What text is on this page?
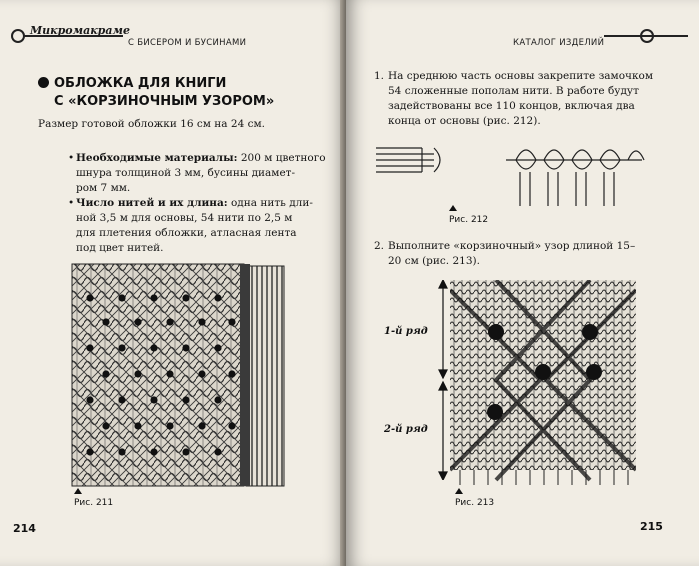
Микромакраме
С БИСЕРОМ И БУСИНАМИ
ОБЛОЖКА ДЛЯ КНИГИ
С «КОРЗИНОЧНЫМ УЗОРОМ»
Размер готовой обложки 16 см на 24 см.
• Необходимые материалы: 200 м цветного
шнура толщиной 3 мм, бусины диамет-
ром 7 мм.
• Число нитей и их длина: одна нить дли-
ной 3,5 м для основы, 54 нити по 2,5 м
для плетения обложки, атласная лента
под цвет нитей.
Рис. 211
214
КАТАЛОГ ИЗДЕЛИЙ
1. На среднюю часть основы закрепите замочком
54 сложенные пополам нити. В работе будут
задействованы все 110 концов, включая два
конца от основы (рис. 212).
Рис. 212
2. Выполните «корзиночный» узор длиной 15–
20 см (рис. 213).
1-й ряд
2-й ряд
Рис. 213
215
